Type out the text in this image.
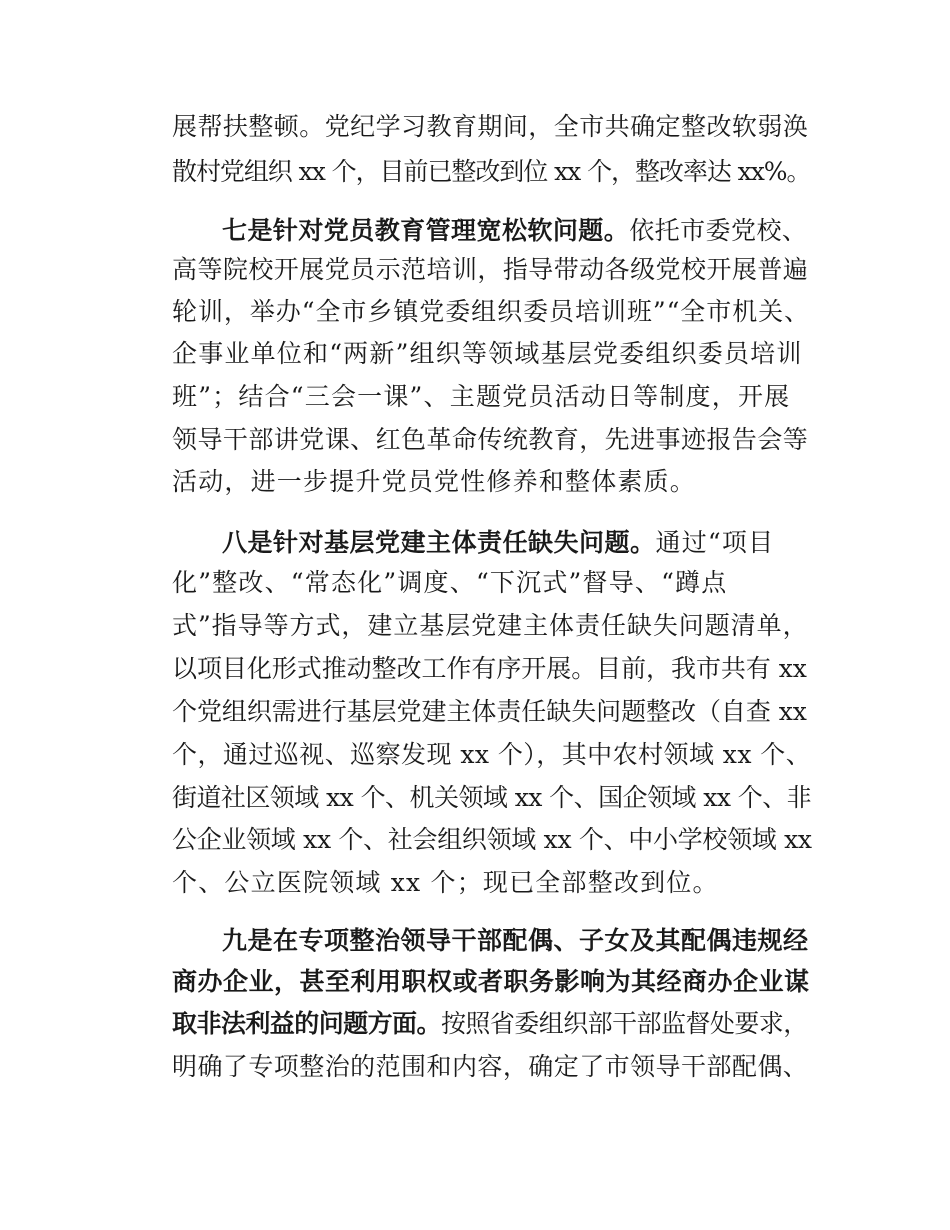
展帮扶整顿。党纪学习教育期间，全市共确定整改软弱涣
散村党组织 xx 个，目前已整改到位 xx 个，整改率达 xx%。
七是针对党员教育管理宽松软问题。依托市委党校、
高等院校开展党员示范培训，指导带动各级党校开展普遍
轮训，举办“全市乡镇党委组织委员培训班”“全市机关、
企事业单位和“两新”组织等领域基层党委组织委员培训
班”；结合“三会一课”、主题党员活动日等制度，开展
领导干部讲党课、红色革命传统教育，先进事迹报告会等
活动，进一步提升党员党性修养和整体素质。
八是针对基层党建主体责任缺失问题。通过“项目
化”整改、“常态化”调度、“下沉式”督导、“蹲点
式”指导等方式，建立基层党建主体责任缺失问题清单，
以项目化形式推动整改工作有序开展。目前，我市共有 xx
个党组织需进行基层党建主体责任缺失问题整改（自查 xx
个，通过巡视、巡察发现 xx 个），其中农村领域 xx 个、
街道社区领域 xx 个、机关领域 xx 个、国企领域 xx 个、非
公企业领域 xx 个、社会组织领域 xx 个、中小学校领域 xx
个、公立医院领域 xx 个；现已全部整改到位。
九是在专项整治领导干部配偶、子女及其配偶违规经
商办企业，甚至利用职权或者职务影响为其经商办企业谋
取非法利益的问题方面。按照省委组织部干部监督处要求，
明确了专项整治的范围和内容，确定了市领导干部配偶、
